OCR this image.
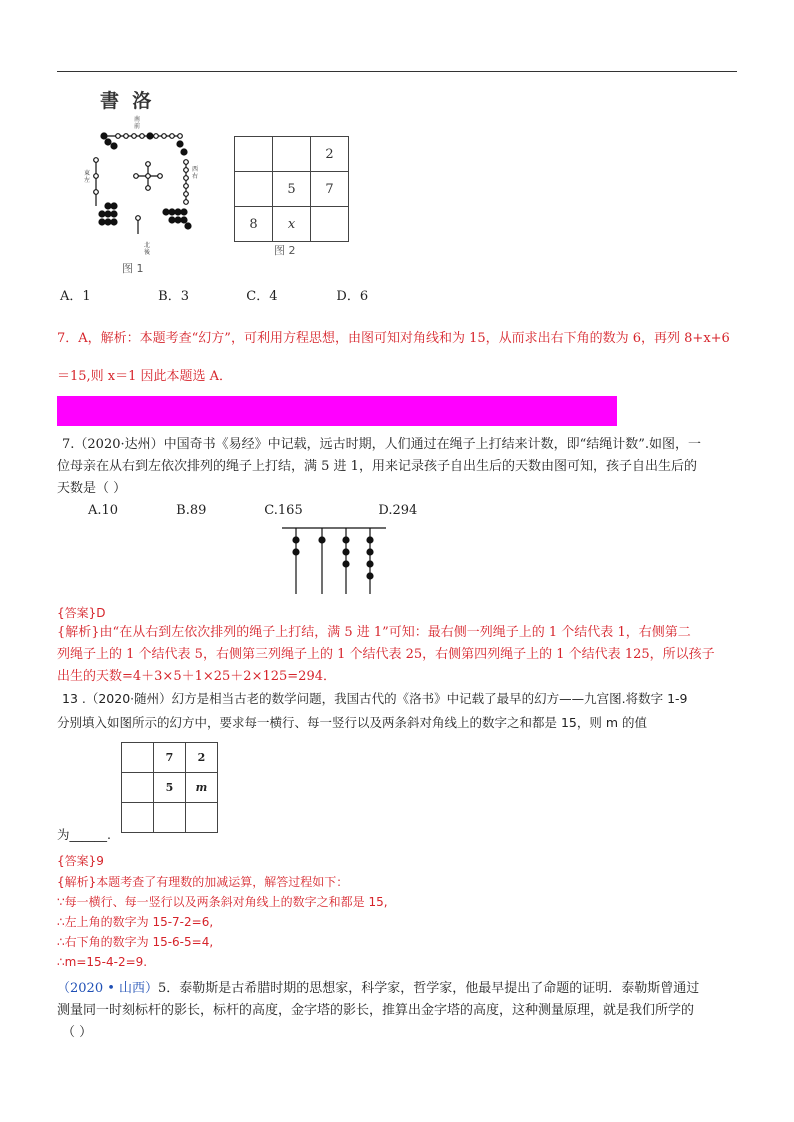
書  洛
南前
東左
西右
北後
图 1
		2
	5	7
8	x	
图 2
A．1	B．3	C．4	D．6
7．A，解析：本题考查“幻方”，可利用方程思想，由图可知对角线和为 15，从而求出右下角的数为 6，再列 8+x+6
＝15,则 x＝1 因此本题选 A．
7.（2020·达州）中国奇书《易经》中记载，远古时期，人们通过在绳子上打结来计数，即“结绳计数”.如图，一
位母亲在从右到左依次排列的绳子上打结，满 5 进 1，用来记录孩子自出生后的天数由图可知，孩子自出生后的
天数是（ ）
A.10	B.89	C.165	D.294
{答案}D
{解析}由“在从右到左依次排列的绳子上打结，满 5 进 1”可知：最右侧一列绳子上的 1 个结代表 1，右侧第二
列绳子上的 1 个结代表 5，右侧第三列绳子上的 1 个结代表 25，右侧第四列绳子上的 1 个结代表 125，所以孩子
出生的天数=4＋3×5＋1×25＋2×125=294．
13 .（2020·随州）幻方是相当古老的数学问题，我国古代的《洛书》中记载了最早的幻方——九宫图.将数字 1-9
分别填入如图所示的幻方中，要求每一横行、每一竖行以及两条斜对角线上的数字之和都是 15，则 m 的值
	7	2
	5	m

为______.
{答案}9
{解析}本题考查了有理数的加减运算，解答过程如下：
∵每一横行、每一竖行以及两条斜对角线上的数字之和都是 15,
∴左上角的数字为 15-7-2=6,
∴右下角的数字为 15-6-5=4,
∴m=15-4-2=9.
（2020 • 山西）5．泰勒斯是古希腊时期的思想家，科学家，哲学家，他最早提出了命题的证明．泰勒斯曾通过
测量同一时刻标杆的影长，标杆的高度，金字塔的影长，推算出金字塔的高度，这种测量原理，就是我们所学的
（ ）
